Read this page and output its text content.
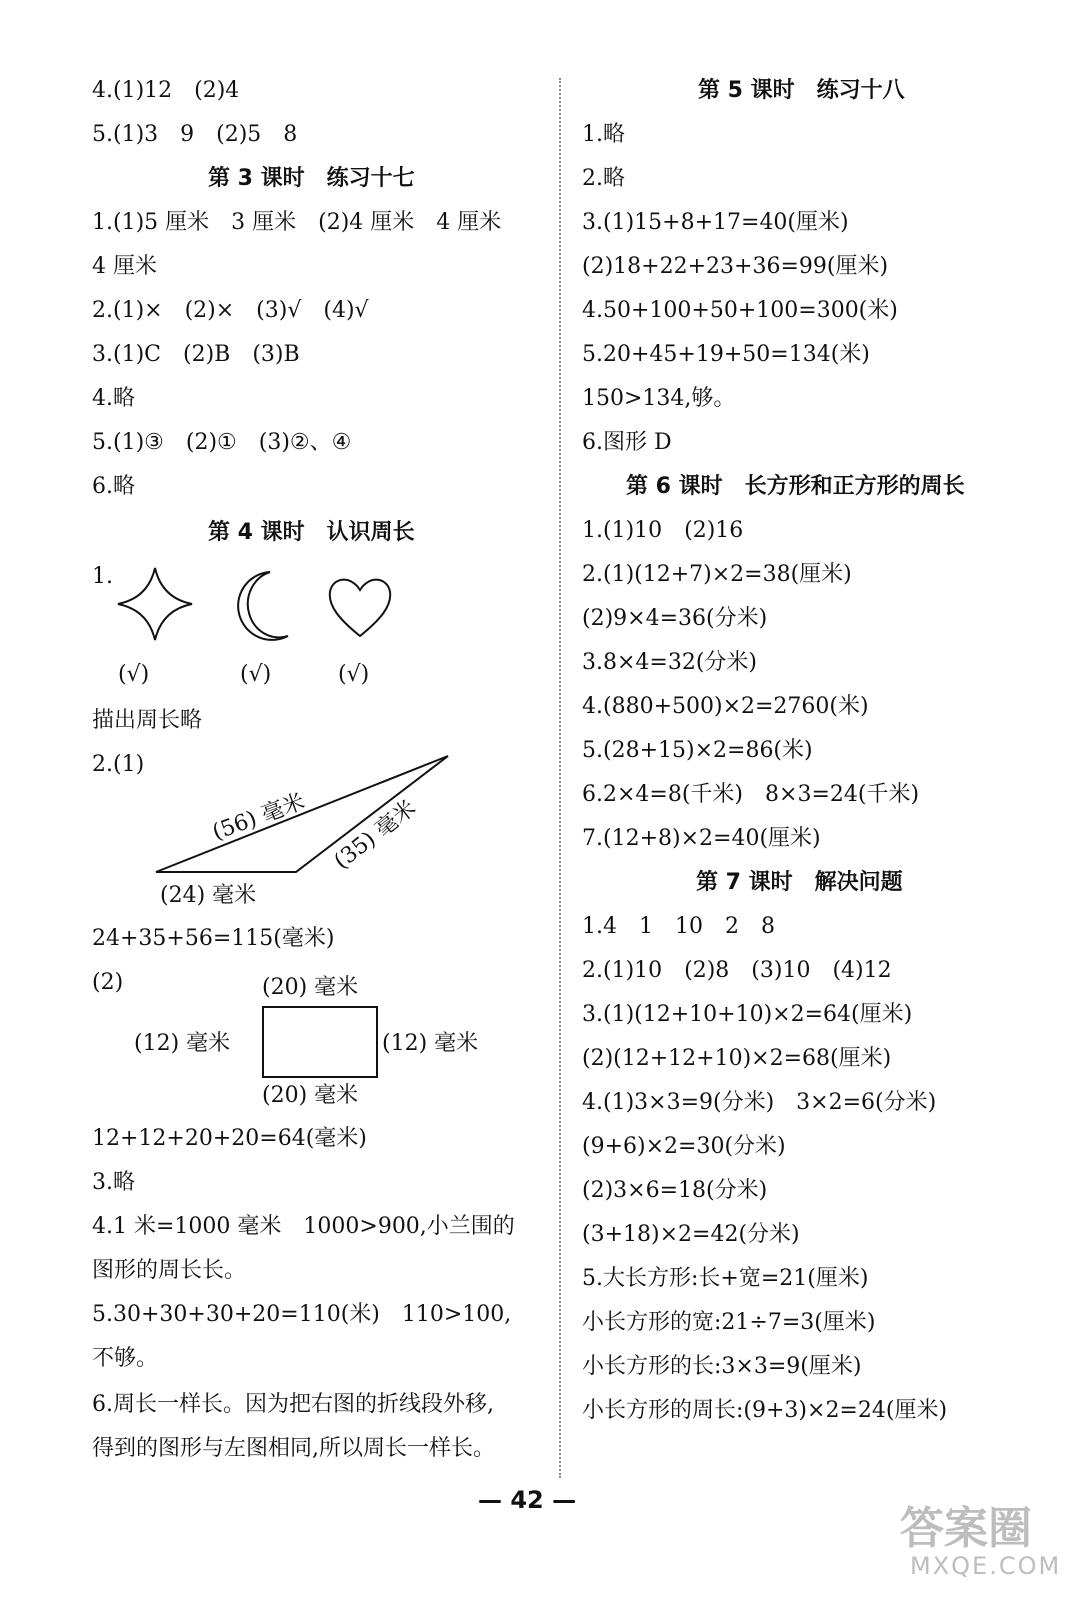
4.(1)12　(2)4
5.(1)3　9　(2)5　8
第 3 课时　练习十七
1.(1)5 厘米　3 厘米　(2)4 厘米　4 厘米
4 厘米
2.(1)×　(2)×　(3)√　(4)√
3.(1)C　(2)B　(3)B
4.略
5.(1)③　(2)①　(3)②、④
6.略
第 4 课时　认识周长
1.
(√)	(√)	(√)
描出周长略
2.(1)
(56) 毫米 (35) 毫米
(24) 毫米
24+35+56=115(毫米)
(2)	(20) 毫米
(12) 毫米	(12) 毫米
(20) 毫米
12+12+20+20=64(毫米)
3.略
4.1 米=1000 毫米　1000>900,小兰围的
图形的周长长。
5.30+30+30+20=110(米)　110>100,
不够。
6.周长一样长。因为把右图的折线段外移,
得到的图形与左图相同,所以周长一样长。
第 5 课时　练习十八
1.略
2.略
3.(1)15+8+17=40(厘米)
(2)18+22+23+36=99(厘米)
4.50+100+50+100=300(米)
5.20+45+19+50=134(米)
150>134,够。
6.图形 D
第 6 课时　长方形和正方形的周长
1.(1)10　(2)16
2.(1)(12+7)×2=38(厘米)
(2)9×4=36(分米)
3.8×4=32(分米)
4.(880+500)×2=2760(米)
5.(28+15)×2=86(米)
6.2×4=8(千米)　8×3=24(千米)
7.(12+8)×2=40(厘米)
第 7 课时　解决问题
1.4　1　10　2　8
2.(1)10　(2)8　(3)10　(4)12
3.(1)(12+10+10)×2=64(厘米)
(2)(12+12+10)×2=68(厘米)
4.(1)3×3=9(分米)　3×2=6(分米)
(9+6)×2=30(分米)
(2)3×6=18(分米)
(3+18)×2=42(分米)
5.大长方形:长+宽=21(厘米)
小长方形的宽:21÷7=3(厘米)
小长方形的长:3×3=9(厘米)
小长方形的周长:(9+3)×2=24(厘米)
— 42 —
答案圈
MXQE.COM
